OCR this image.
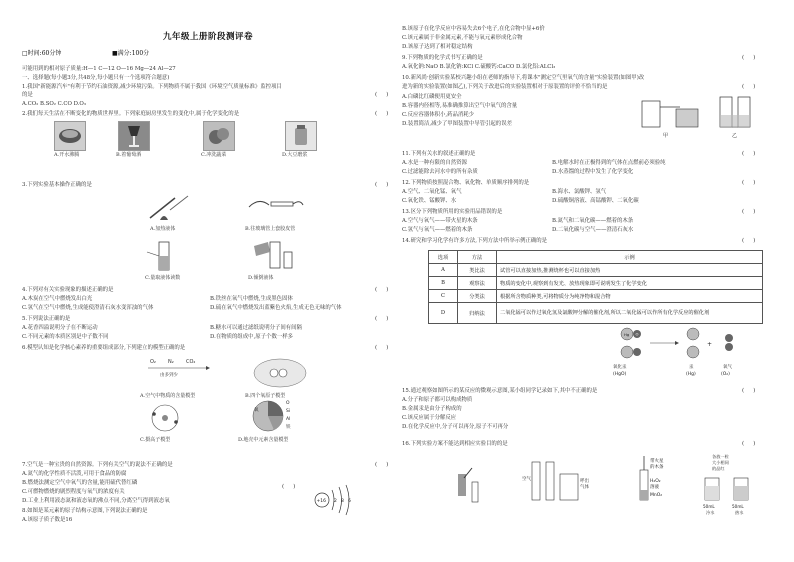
九年级上册阶段测评卷
□时间:60分钟	■满分:100分
可能用到的相对原子质量:H—1 C—12 O—16 Mg—24 Al—27
一、选择题(每小题3分,共48分,每小题只有一个选项符合题意)
1.我国"新能源汽车"有利于节约石油资源,减少环境污染。下列物质不属于我国《环境空气质量标准》监控项目
的是	(     )
A.CO₂ B.SO₂ C.CO D.O₃
2.我们每天生活在不断变化的物质世界里。下列家庭厨房里发生的变化中,属于化学变化的是	(     )
A.开水沸腾	B.着葡萄酒	C.冲洗蔬菜	D.大豆磨浆
3.下列实验基本操作正确的是	(     )
A.加热液体	B.往玻璃管上套胶皮管
C.量取液体读数	D.倾倒液体
4.下列对有关实验现象的描述正确的是	(     )
A.木炭在空气中燃烧发出白光	B.铁丝在氧气中燃烧,生成黑色固体
C.氢气在空气中燃烧,生成能使澄清石灰水变浑浊的气体	D.硫在氧气中燃烧发出蓝紫色火焰,生成无色无味的气体
5.下列说法正确的是	(     )
A.花香四溢说明分子在不断运动	B.糖水可以通过滤纸说明分子间有间隔
C.不同元素的本质区别是中子数不同	D.在物质的组成中,原子个数一样多
6.模型认知是化学核心素养的重要组成部分,下列建立的模型正确的是	(     )
O₂ N₂ CO₂
由多到少
A.空气中物质的含量模型	B.四个氧原子模型
氧
O
Si
Al
铁
C.摄高子模型	D.地壳中元素含量模型
7.空气是一种宝贵的自然资源。下列有关空气的说法不正确的是	(     )
A.氮气的化学性质不活泼,可用于食品的防腐
B.燃烧法测定空气中氧气的含量,能用硫代替红磷
C.可燃物燃烧的剧烈程度与氧气的浓度有关
D.工业上利用液态氮和液态氧的沸点不同,分离空气得到液态氧
8.如图是某元素的原子结构示意图,下列说法正确的是
A.该原子质子数是16
(     )
+16 2 8 6
B.该原子在化学反应中容易失去6个电子,在化合物中显+6价
C.该元素属于非金属元素,不能与氧元素形成化合物
D.该原子达到了相对稳定结构
9.下列物质的化学式书写正确的是	(     )
A.氧化钠:NaO B.氯化钠:KCl C.硫酸钙:CaCO D.氯化铝:ALCl₃
10.新风尚·创新实验某校兴趣小组在老师的指导下,将课本"测定空气里氧气的含量"实验装置(如图甲)改
进为新的实验装置(如图乙),下列关于改进后的实验装置相对于原装置的评价不恰当的是	(     )
A.白磷比红磷便用更安全
B.容器内径相等,易准确推算出空气中氧气的含量
C.反应容器体积小,药品消耗少
D.装置简洁,减少了甲图装置中导管引起的误差
甲	乙
11.下列有关水的叙述正确的是	(     )
A.水是一种有限的自然资源	B.电解水时在正极得到的气体在点燃前必须验纯
C.过滤能除去河水中的所有杂质	D.水蒸馏的过程中发生了化学变化
12.下列物质按照混合物、氧化物、单质顺序排列的是	(     )
A.空气、二氧化锰、氧气	B.海水、氯酸钾、氢气
C.氧化铁、锰酸钾、水	D.硫酸铜溶液、高锰酸钾、二氧化碳
13.区分下列物质所用的实验用品错误的是	(     )
A.空气与氧气——带火星的木条	B.氮气和二氧化碳——燃着的木条
C.氢气与氧气——燃着的木条	D.二氧化碳与空气——澄清石灰水
14.研究和学习化学有许多方法,下列方法中所举示例正确的是	(     )
选项	方法	示例
A	类比法	试管可以直接加热,推测烧杯也可以直接加热
B	观察法	物质的变化中,观察到有发光、放热现象即可说明发生了化学变化
C	分类法	根据所含物质种类,可将物质分为纯净物和混合物
D	归纳法	二氧化锰可以作过氧化氢及氯酸钾分解的催化剂,所以二氧化锰可以作所有化学反应的催化剂
Hg O
+
氧化汞
(HgO)
汞
(Hg)
氧气
(O₂)
15.通过观察如图所示的某反应的微观示意图,某小组同学记录如下,其中不正确的是	(     )
A.分子和原子都可以构成物质
B.金属汞是由分子构成的
C.该反应属于分解反应
D.在化学反应中,分子可以再分,原子不可再分
16.下列实验方案不能达到相应实验目的的是	(     )
空气	呼出
气体
带火星
的木条
H₂O₂
溶液
MnO₂
各放一粒
大小相同
的品红
50mL
冷水
50mL
热水
